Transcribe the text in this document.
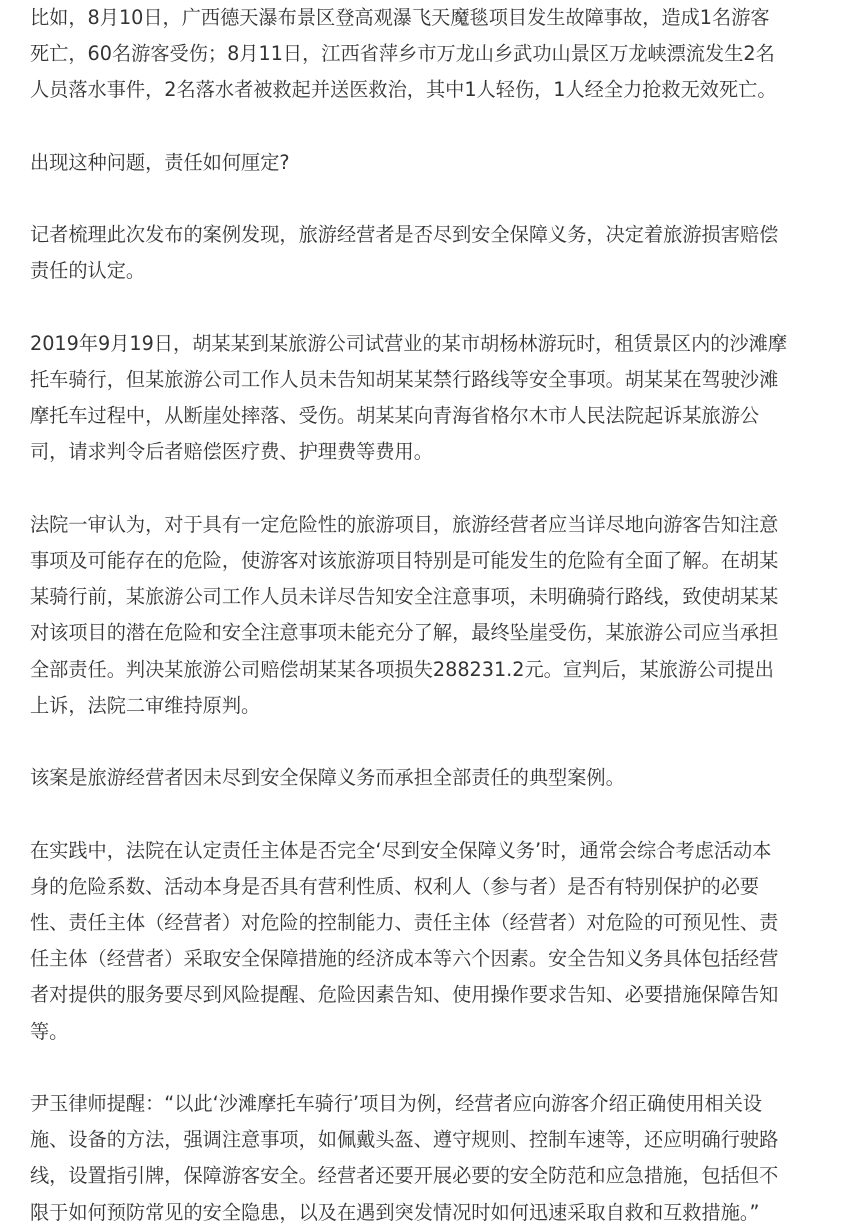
比如，8月10日，广西德天瀑布景区登高观瀑飞天魔毯项目发生故障事故，造成1名游客
死亡，60名游客受伤；8月11日，江西省萍乡市万龙山乡武功山景区万龙峡漂流发生2名
人员落水事件，2名落水者被救起并送医救治，其中1人轻伤，1人经全力抢救无效死亡。

出现这种问题，责任如何厘定?

记者梳理此次发布的案例发现，旅游经营者是否尽到安全保障义务，决定着旅游损害赔偿
责任的认定。

2019年9月19日，胡某某到某旅游公司试营业的某市胡杨林游玩时，租赁景区内的沙滩摩
托车骑行，但某旅游公司工作人员未告知胡某某禁行路线等安全事项。胡某某在驾驶沙滩
摩托车过程中，从断崖处摔落、受伤。胡某某向青海省格尔木市人民法院起诉某旅游公
司，请求判令后者赔偿医疗费、护理费等费用。

法院一审认为，对于具有一定危险性的旅游项目，旅游经营者应当详尽地向游客告知注意
事项及可能存在的危险，使游客对该旅游项目特别是可能发生的危险有全面了解。在胡某
某骑行前，某旅游公司工作人员未详尽告知安全注意事项，未明确骑行路线，致使胡某某
对该项目的潜在危险和安全注意事项未能充分了解，最终坠崖受伤，某旅游公司应当承担
全部责任。判决某旅游公司赔偿胡某某各项损失288231.2元。宣判后，某旅游公司提出
上诉，法院二审维持原判。

该案是旅游经营者因未尽到安全保障义务而承担全部责任的典型案例。

在实践中，法院在认定责任主体是否完全‘尽到安全保障义务’时，通常会综合考虑活动本
身的危险系数、活动本身是否具有营利性质、权利人（参与者）是否有特别保护的必要
性、责任主体（经营者）对危险的控制能力、责任主体（经营者）对危险的可预见性、责
任主体（经营者）采取安全保障措施的经济成本等六个因素。安全告知义务具体包括经营
者对提供的服务要尽到风险提醒、危险因素告知、使用操作要求告知、必要措施保障告知
等。

尹玉律师提醒：“以此‘沙滩摩托车骑行’项目为例，经营者应向游客介绍正确使用相关设
施、设备的方法，强调注意事项，如佩戴头盔、遵守规则、控制车速等，还应明确行驶路
线，设置指引牌，保障游客安全。经营者还要开展必要的安全防范和应急措施，包括但不
限于如何预防常见的安全隐患，以及在遇到突发情况时如何迅速采取自救和互救措施。”
